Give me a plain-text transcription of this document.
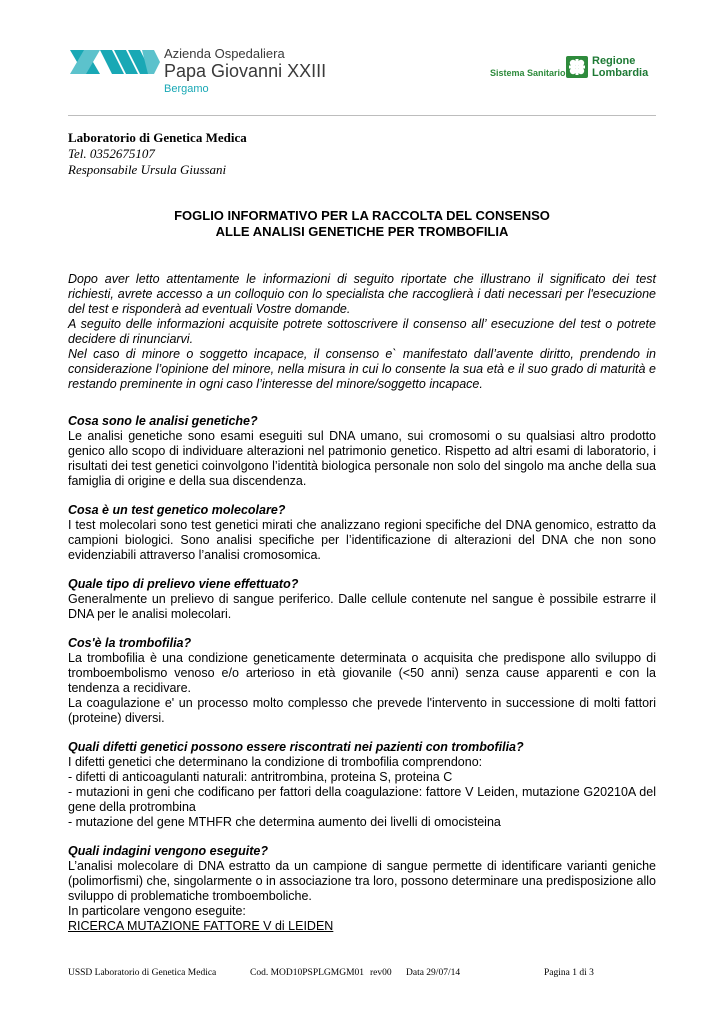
Azienda Ospedaliera
Papa Giovanni XXIII
Bergamo
Sistema Sanitario
Regione
Lombardia
Laboratorio di Genetica Medica
Tel. 0352675107
Responsabile Ursula Giussani
FOGLIO INFORMATIVO PER LA RACCOLTA DEL CONSENSO
ALLE ANALISI GENETICHE PER TROMBOFILIA

Dopo aver letto attentamente le informazioni di seguito riportate che illustrano il significato dei test richiesti, avrete accesso a un colloquio con lo specialista che raccoglierà i dati necessari per l'esecuzione del test e risponderà ad eventuali Vostre domande.

A seguito delle informazioni acquisite potrete sottoscrivere il consenso all’ esecuzione del test o potrete decidere di rinunciarvi.

Nel caso di minore o soggetto incapace, il consenso e` manifestato dall’avente diritto, prendendo in considerazione l’opinione del minore, nella misura in cui lo consente la sua età e il suo grado di maturità e restando preminente in ogni caso l’interesse del minore/soggetto incapace.

Cosa sono le analisi genetiche?

Le analisi genetiche sono esami eseguiti sul DNA umano, sui cromosomi o su qualsiasi altro prodotto genico allo scopo di individuare alterazioni nel patrimonio genetico. Rispetto ad altri esami di laboratorio, i risultati dei test genetici coinvolgono l’identità biologica personale non solo del singolo ma anche della sua famiglia di origine e della sua discendenza.

Cosa è un test genetico molecolare?

I test molecolari sono test genetici mirati che analizzano regioni specifiche del DNA genomico, estratto da campioni biologici. Sono analisi specifiche per l’identificazione di alterazioni del DNA che non sono evidenziabili attraverso l’analisi cromosomica.

Quale tipo di prelievo viene effettuato?

Generalmente un prelievo di sangue periferico. Dalle cellule contenute nel sangue è possibile estrarre il DNA per le analisi molecolari.

Cos'è la trombofilia?

La trombofilia è una condizione geneticamente determinata o acquisita che predispone allo sviluppo di tromboembolismo venoso e/o arterioso in età giovanile (<50 anni) senza cause apparenti e con la tendenza a recidivare.

La coagulazione e' un processo molto complesso che prevede l'intervento in successione di molti fattori (proteine) diversi.

Quali difetti genetici possono essere riscontrati nei pazienti con trombofilia?

I difetti genetici che determinano la condizione di trombofilia comprendono:

- difetti di anticoagulanti naturali: antritrombina, proteina S, proteina C

- mutazioni in geni che codificano per fattori della coagulazione: fattore V Leiden, mutazione G20210A del gene della protrombina

- mutazione del gene MTHFR che determina aumento dei livelli di omocisteina

Quali indagini vengono eseguite?

L’analisi molecolare di DNA estratto da un campione di sangue permette di identificare varianti geniche (polimorfismi) che, singolarmente o in associazione tra loro, possono determinare una predisposizione allo sviluppo di problematiche tromboemboliche.

In particolare vengono eseguite:

RICERCA MUTAZIONE FATTORE V di LEIDEN

USSD Laboratorio di Genetica Medica	Cod. MOD10PSPLGMGM01 rev00 Data 29/07/14	Pagina 1 di 3
